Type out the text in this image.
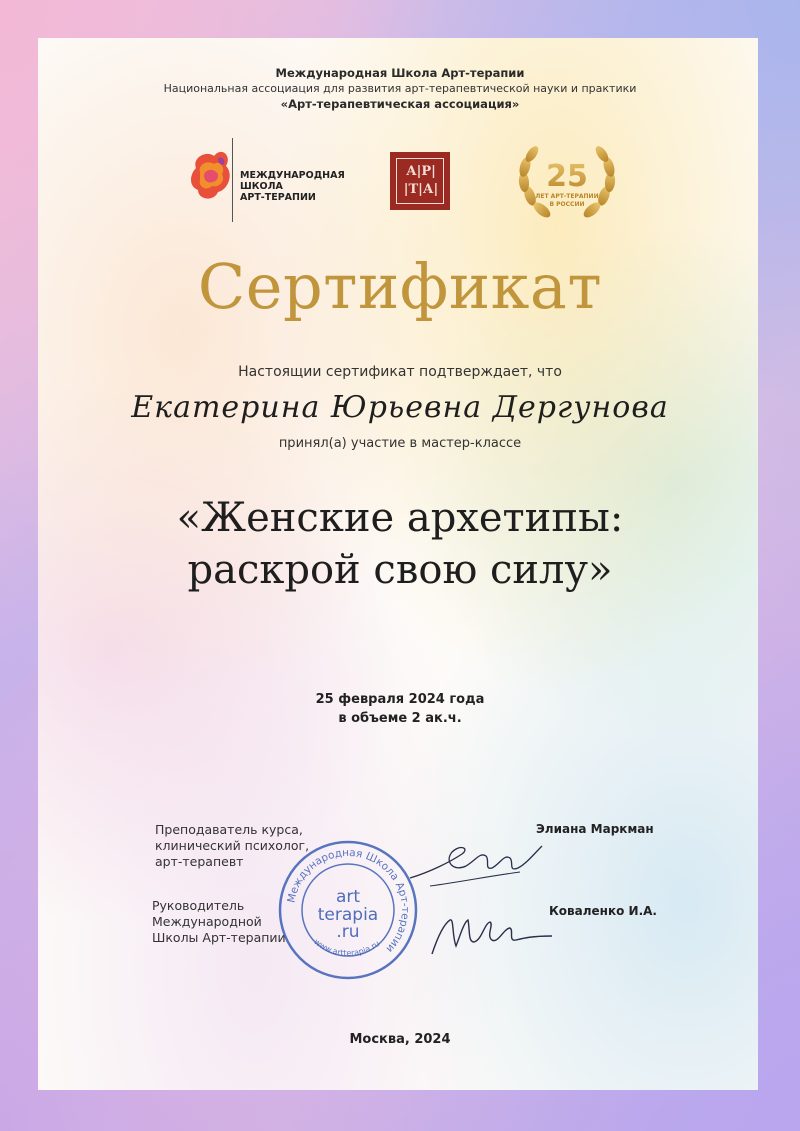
Международная Школа Арт-терапии
Национальная ассоциация для развития арт-терапевтической науки и практики
«Арт-терапевтическая ассоциация»
МЕЖДУНАРОДНАЯ
ШКОЛА
АРТ-ТЕРАПИИ
А|Р|
|Т|А|	25
ЛЕТ АРТ-ТЕРАПИИ
В РОССИИ
Сертификат
Настоящии сертификат подтверждает, что
Екатерина Юрьевна Дергунова
принял(а) участие в мастер-классе
«Женские архетипы:
раскрой свою силу»
25 февраля 2024 года
в объеме 2 ак.ч.
Преподаватель курса,
клинический психолог,
арт-терапевт
Элиана Маркман
Руководитель
Международной
Школы Арт-терапии
Коваленко И.А.
Международная Школа Арт-терапии
www.artterapia.ru
art
terapia
.ru
Москва, 2024
